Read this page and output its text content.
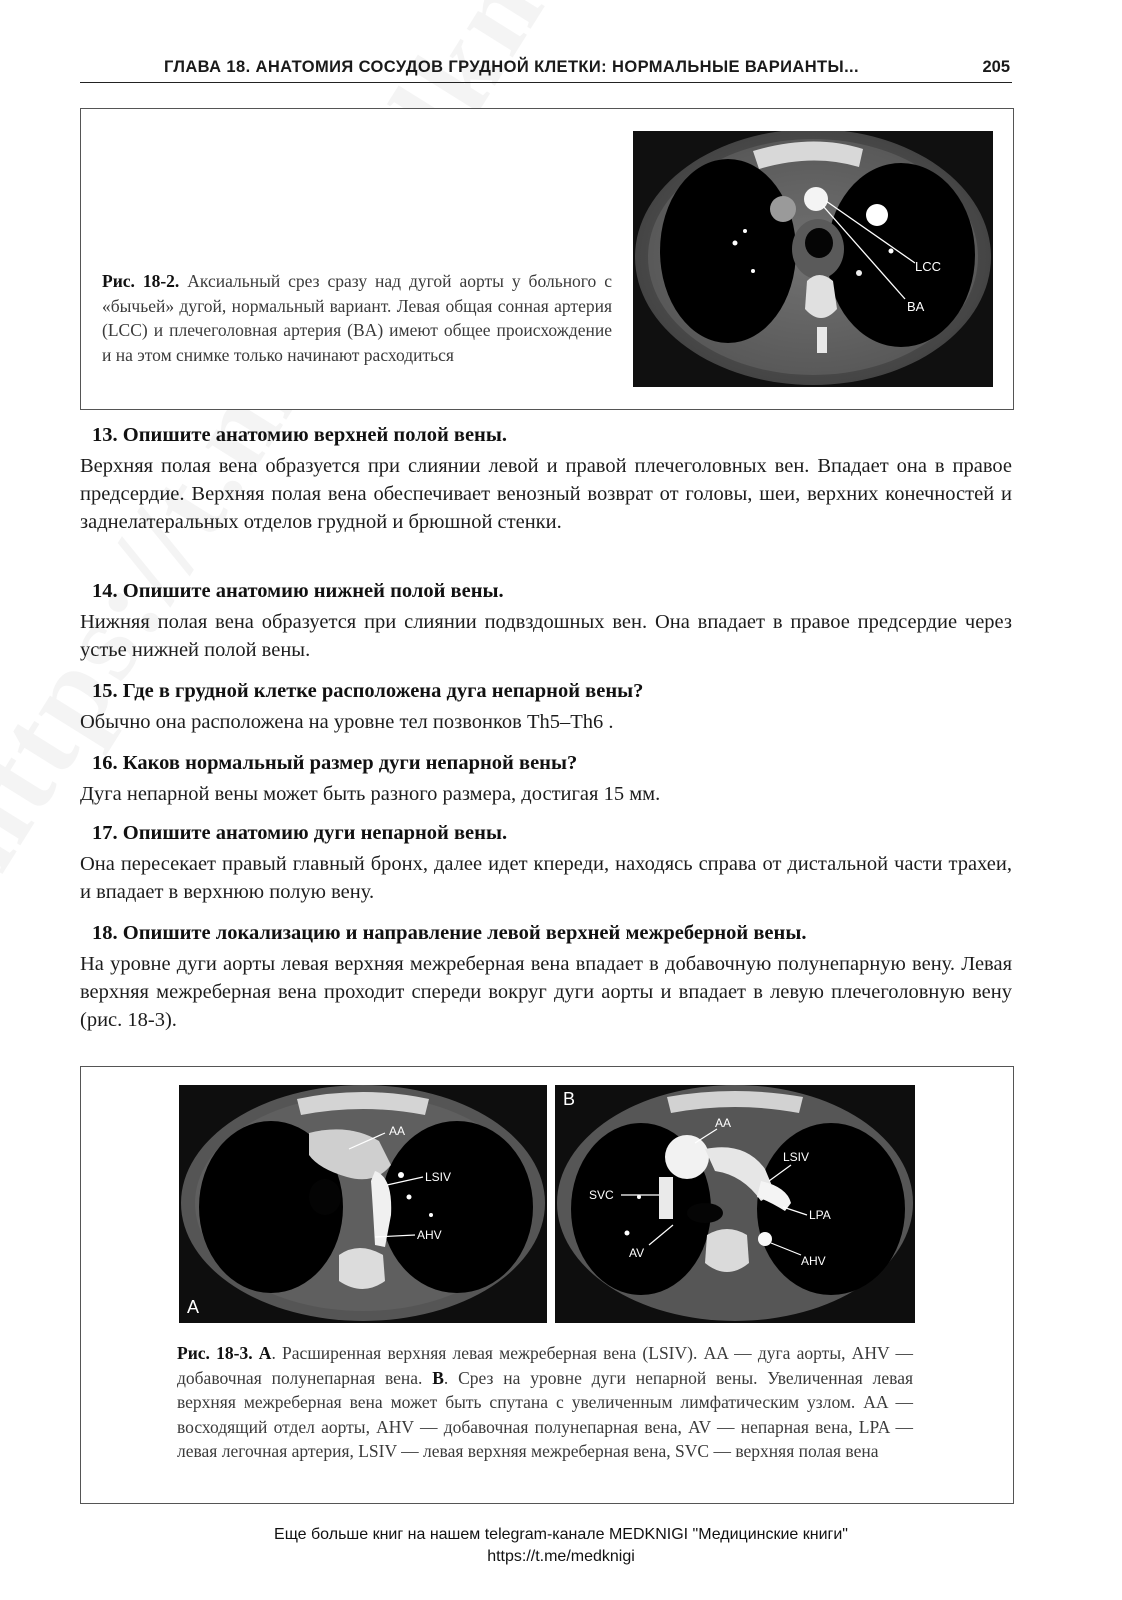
ГЛАВА 18. АНАТОМИЯ СОСУДОВ ГРУДНОЙ КЛЕТКИ: НОРМАЛЬНЫЕ ВАРИАНТЫ...	205
Рис. 18-2. Аксиальный срез сразу над дугой аорты у больного с «бычьей» дугой, нормальный вариант. Левая общая сонная артерия (LCC) и плечеголовная артерия (BA) имеют общее происхождение и на этом снимке только начинают расходиться
LCC
BA
13. Опишите анатомию верхней полой вены.
Верхняя полая вена образуется при слиянии левой и правой плечеголовных вен. Впадает она в правое предсердие. Верхняя полая вена обеспечивает венозный возврат от головы, шеи, верхних конечностей и заднелатеральных отделов грудной и брюшной стенки.
14. Опишите анатомию нижней полой вены.
Нижняя полая вена образуется при слиянии подвздошных вен. Она впадает в правое предсердие через устье нижней полой вены.
15. Где в грудной клетке расположена дуга непарной вены?
Обычно она расположена на уровне тел позвонков Th5–Th6 .
16. Каков нормальный размер дуги непарной вены?
Дуга непарной вены может быть разного размера, достигая 15 мм.
17. Опишите анатомию дуги непарной вены.
Она пересекает правый главный бронх, далее идет кпереди, находясь справа от дистальной части трахеи, и впадает в верхнюю полую вену.
18. Опишите локализацию и направление левой верхней межреберной вены.
На уровне дуги аорты левая верхняя межреберная вена впадает в добавочную полунепарную вену. Левая верхняя межреберная вена проходит спереди вокруг дуги аорты и впадает в левую плечеголовную вену (рис. 18-3).
AA
LSIV
AHV
A
B
AA
LSIV
SVC
LPA
AV
AHV
Рис. 18-3. А. Расширенная верхняя левая межреберная вена (LSIV). AA — дуга аорты, AHV — добавочная полунепарная вена. B. Срез на уровне дуги непарной вены. Увеличенная левая верхняя межреберная вена может быть спутана с увеличенным лимфатическим узлом. AA — восходящий отдел аорты, AHV — добавочная полунепарная вена, AV — непарная вена, LPA — левая легочная артерия, LSIV — левая верхняя межреберная вена, SVC — верхняя полая вена
Еще больше книг на нашем telegram-канале MEDKNIGI "Медицинские книги"
https://t.me/medknigi
